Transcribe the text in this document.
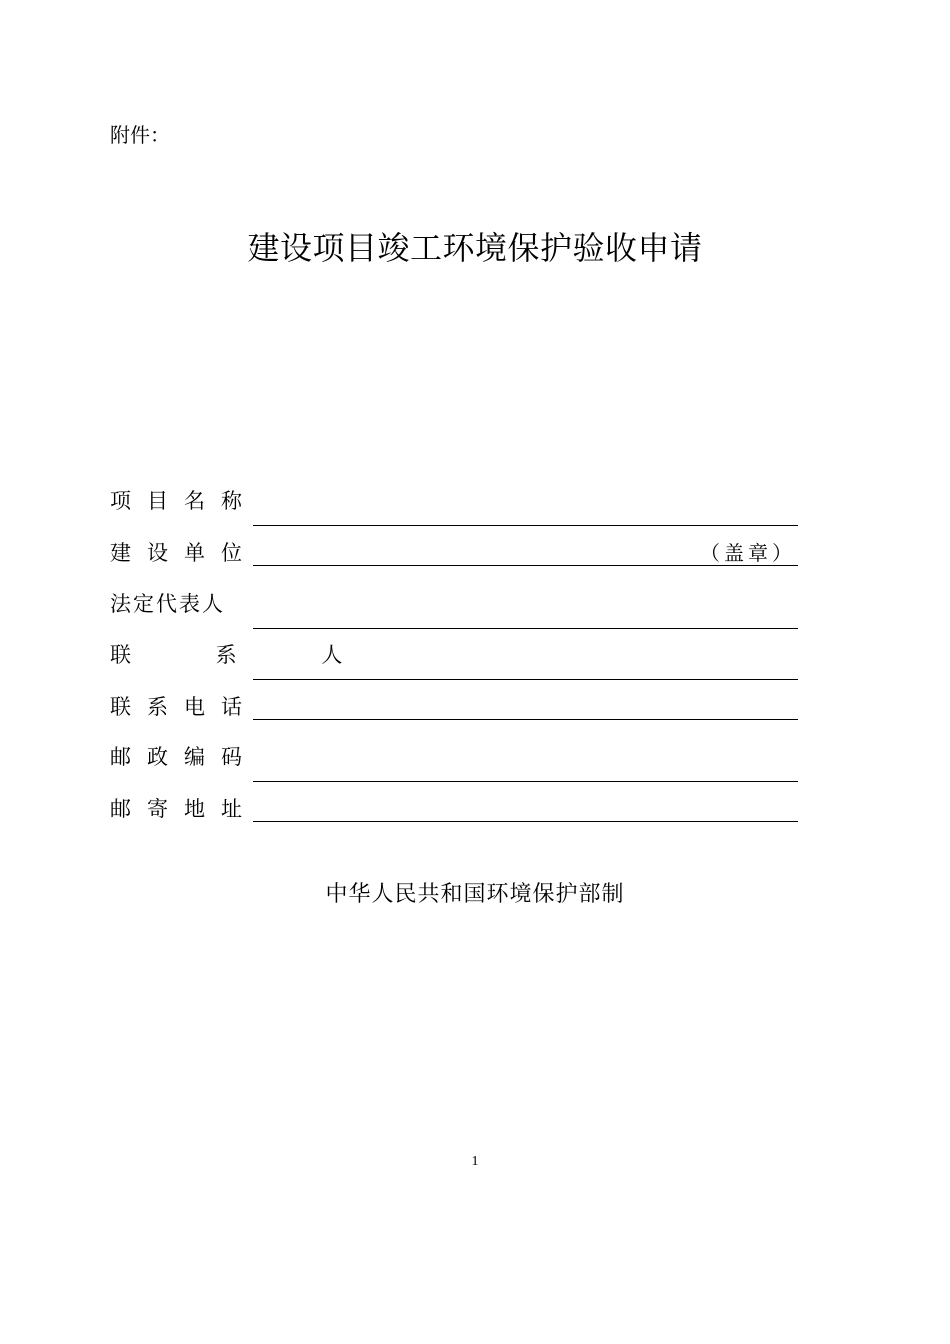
附件：
建设项目竣工环境保护验收申请
项目名称
建设单位	（盖章）
法定代表人
联 系 人
联系电话
邮政编码
邮寄地址
中华人民共和国环境保护部制
1
